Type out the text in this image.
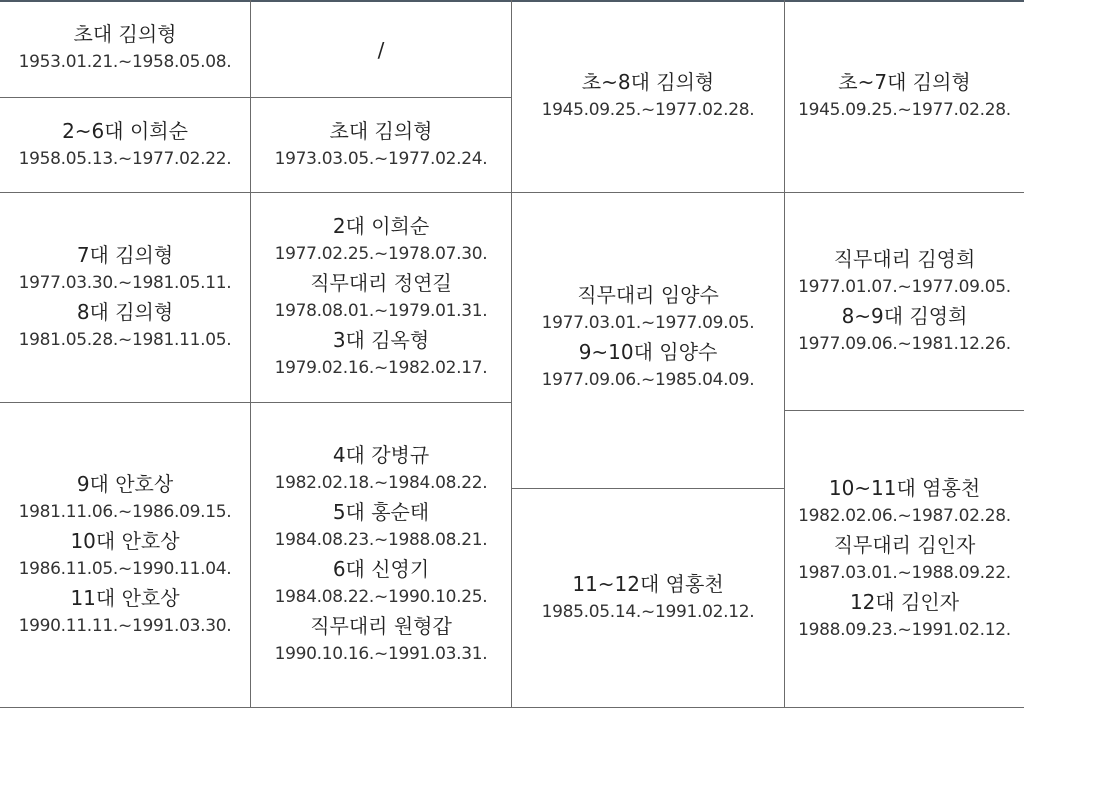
초대 김의형
1953.01.21.~1958.05.08.	/
2~6대 이희순
1958.05.13.~1977.02.22.
초대 김의형
1973.03.05.~1977.02.24.
초~8대 김의형
1945.09.25.~1977.02.28.
초~7대 김의형
1945.09.25.~1977.02.28.
7대 김의형
1977.03.30.~1981.05.11.
8대 김의형
1981.05.28.~1981.11.05.
2대 이희순
1977.02.25.~1978.07.30.
직무대리 정연길
1978.08.01.~1979.01.31.
3대 김옥형
1979.02.16.~1982.02.17.
직무대리 임양수
1977.03.01.~1977.09.05.
9~10대 임양수
1977.09.06.~1985.04.09.
직무대리 김영희
1977.01.07.~1977.09.05.
8~9대 김영희
1977.09.06.~1981.12.26.
9대 안호상
1981.11.06.~1986.09.15.
10대 안호상
1986.11.05.~1990.11.04.
11대 안호상
1990.11.11.~1991.03.30.
4대 강병규
1982.02.18.~1984.08.22.
5대 홍순태
1984.08.23.~1988.08.21.
6대 신영기
1984.08.22.~1990.10.25.
직무대리 원형갑
1990.10.16.~1991.03.31.
11~12대 염홍천
1985.05.14.~1991.02.12.
10~11대 염홍천
1982.02.06.~1987.02.28.
직무대리 김인자
1987.03.01.~1988.09.22.
12대 김인자
1988.09.23.~1991.02.12.
